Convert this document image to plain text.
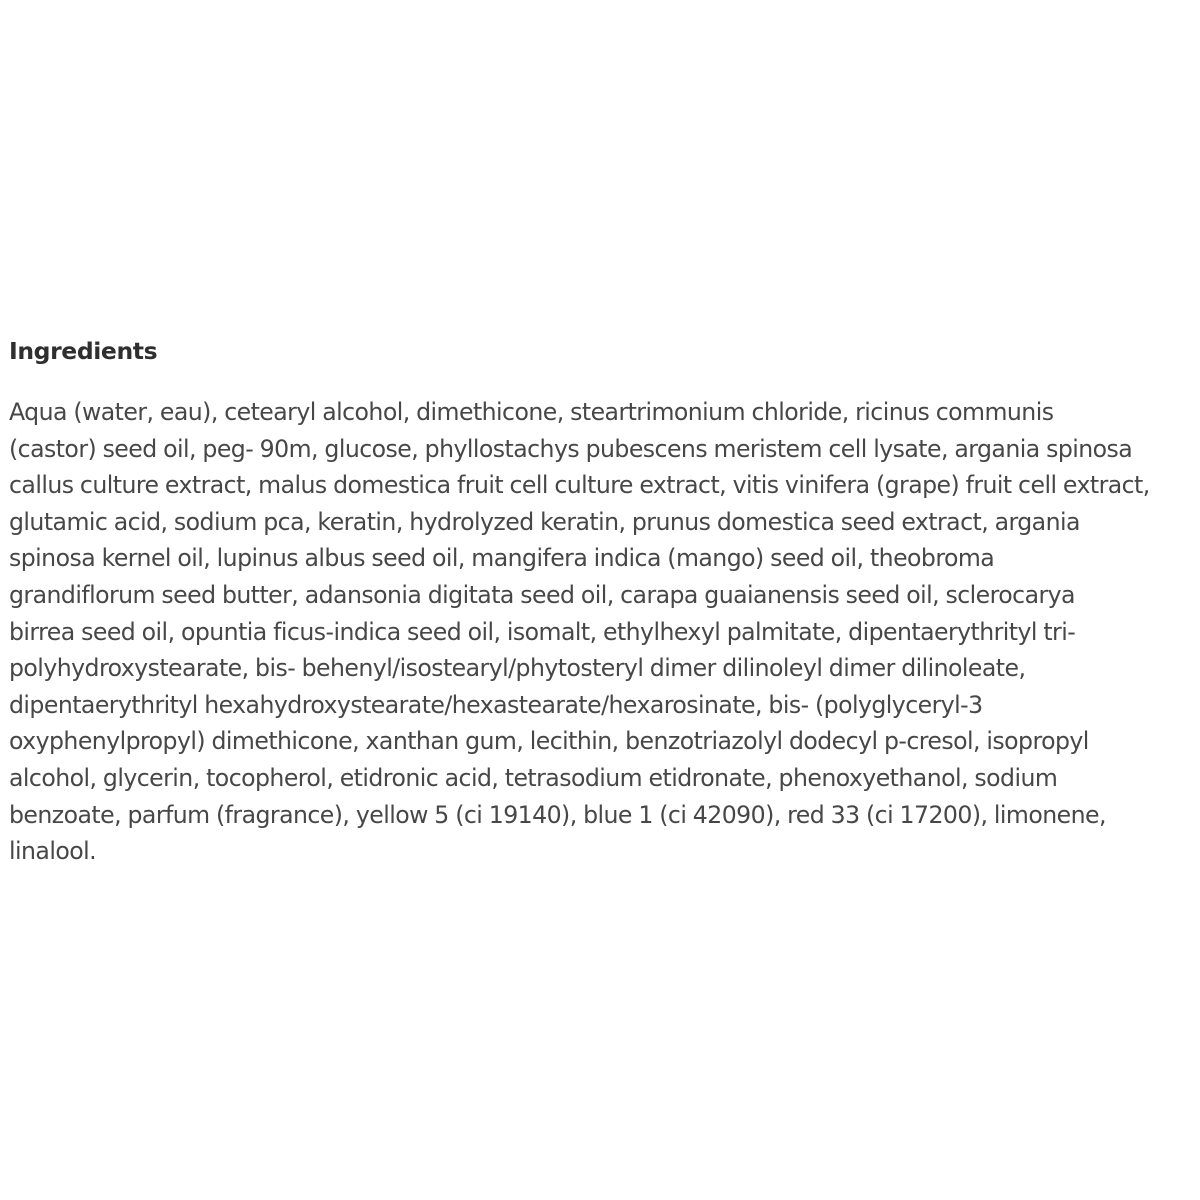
Ingredients

Aqua (water, eau), cetearyl alcohol, dimethicone, steartrimonium chloride, ricinus communis
(castor) seed oil, peg- 90m, glucose, phyllostachys pubescens meristem cell lysate, argania spinosa
callus culture extract, malus domestica fruit cell culture extract, vitis vinifera (grape) fruit cell extract,
glutamic acid, sodium pca, keratin, hydrolyzed keratin, prunus domestica seed extract, argania
spinosa kernel oil, lupinus albus seed oil, mangifera indica (mango) seed oil, theobroma
grandiflorum seed butter, adansonia digitata seed oil, carapa guaianensis seed oil, sclerocarya
birrea seed oil, opuntia ficus-indica seed oil, isomalt, ethylhexyl palmitate, dipentaerythrityl tri-
polyhydroxystearate, bis- behenyl/isostearyl/phytosteryl dimer dilinoleyl dimer dilinoleate,
dipentaerythrityl hexahydroxystearate/hexastearate/hexarosinate, bis- (polyglyceryl-3
oxyphenylpropyl) dimethicone, xanthan gum, lecithin, benzotriazolyl dodecyl p-cresol, isopropyl
alcohol, glycerin, tocopherol, etidronic acid, tetrasodium etidronate, phenoxyethanol, sodium
benzoate, parfum (fragrance), yellow 5 (ci 19140), blue 1 (ci 42090), red 33 (ci 17200), limonene,
linalool.
